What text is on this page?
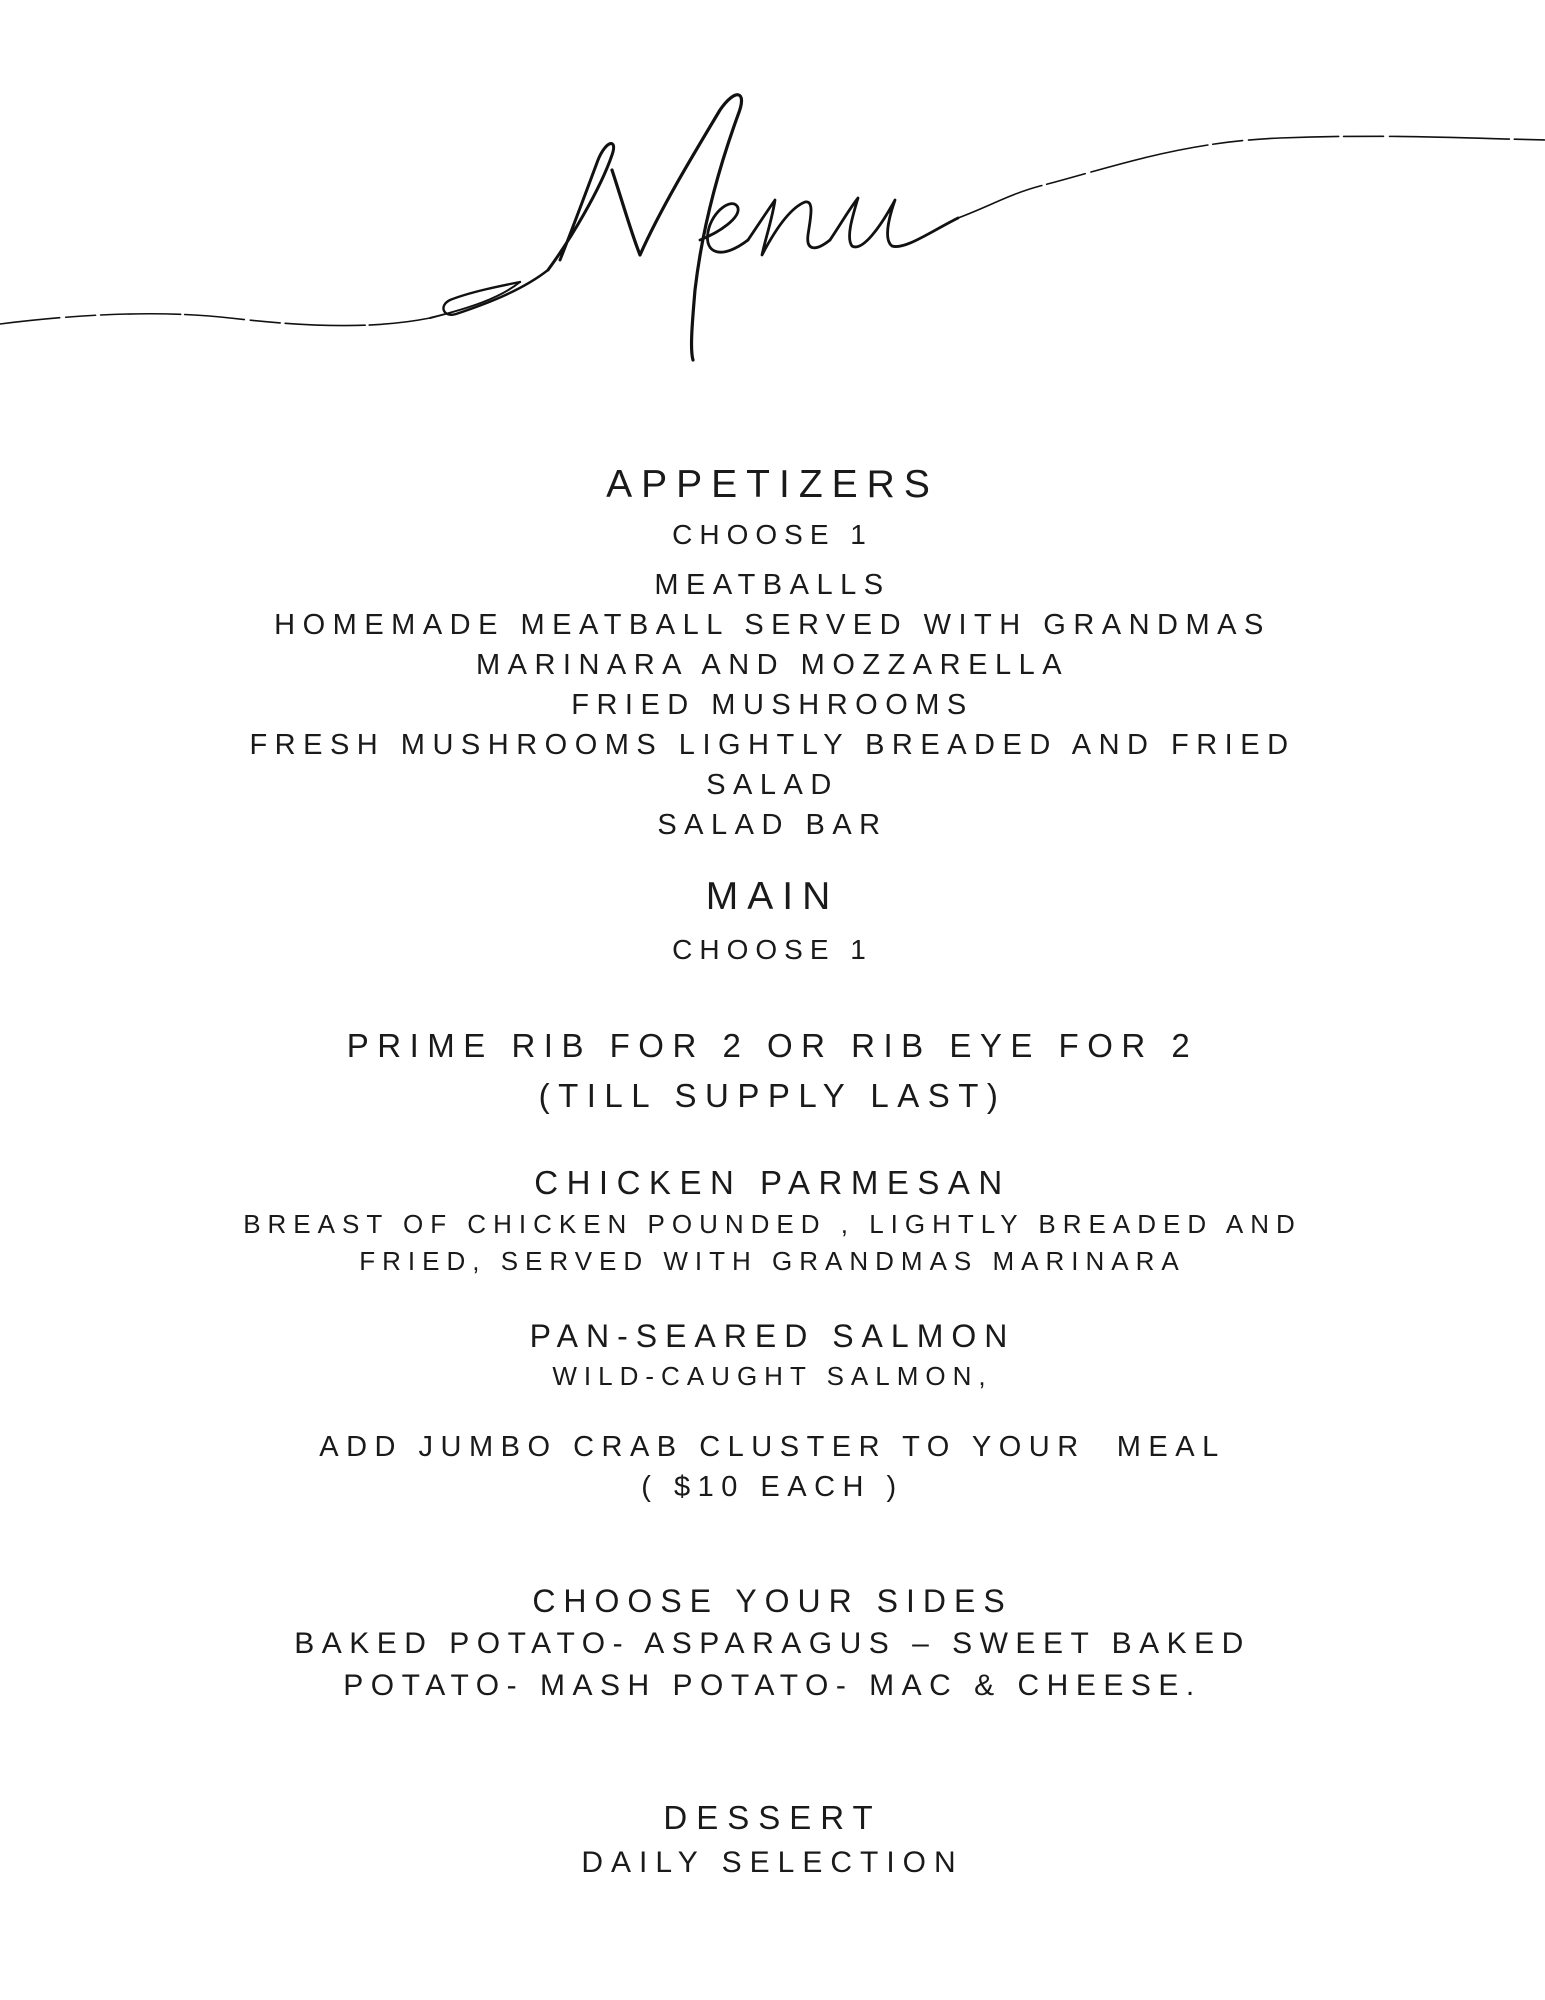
APPETIZERS
CHOOSE 1
MEATBALLS
HOMEMADE MEATBALL SERVED WITH GRANDMAS
MARINARA AND MOZZARELLA
FRIED MUSHROOMS
FRESH MUSHROOMS LIGHTLY BREADED AND FRIED
SALAD
SALAD BAR
MAIN
CHOOSE 1
PRIME RIB FOR 2 OR RIB EYE FOR 2
(TILL SUPPLY LAST)
CHICKEN PARMESAN
BREAST OF CHICKEN POUNDED , LIGHTLY BREADED AND
FRIED, SERVED WITH GRANDMAS MARINARA
PAN-SEARED SALMON
WILD-CAUGHT SALMON,
ADD JUMBO CRAB CLUSTER TO YOUR  MEAL
( $10 EACH )
CHOOSE YOUR SIDES
BAKED POTATO- ASPARAGUS – SWEET BAKED
POTATO- MASH POTATO- MAC & CHEESE.
DESSERT
DAILY SELECTION
